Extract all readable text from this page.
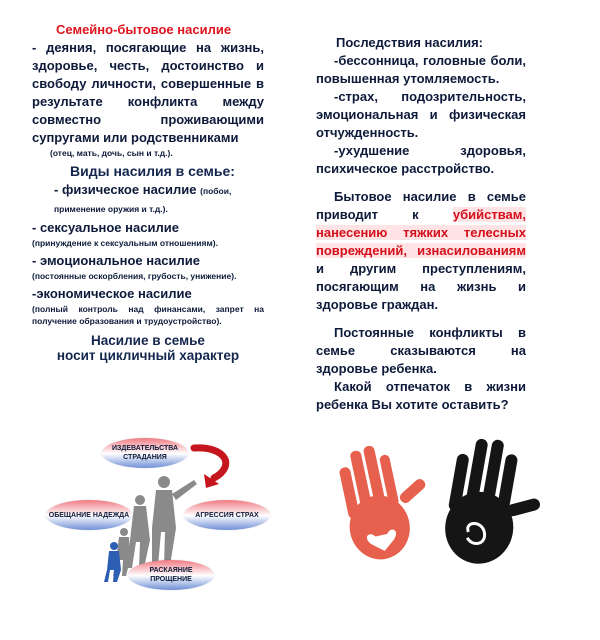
Семейно-бытовое насилие

- деяния, посягающие на жизнь, здоровье, честь, достоинство и свободу личности, совершенные в результате конфликта между совместно проживающими супругами или родственниками

(отец, мать, дочь, сын и т.д.).

Виды насилия в семье:
- физическое насилие (побои, применение оружия и т.д.).
- сексуальное насилие
(принуждение к сексуальным отношениям).
- эмоциональное насилие
(постоянные оскорбления, грубость, унижение).
-экономическое насилие
(полный контроль над финансами, запрет на получение образования и трудоустройство).
Насилие в семье
носит цикличный характер
ИЗДЕВАТЕЛЬСТВА СТРАДАНИЯ
ОБЕЩАНИЕ НАДЕЖДА	АГРЕССИЯ СТРАХ
РАСКАЯНИЕ ПРОЩЕНИЕ
Последствия насилия:

-бессонница, головные боли, повышенная утомляемость.

-страх, подозрительность, эмоциональная и физическая отчужденность.

-ухудшение здоровья, психическое расстройство.

Бытовое насилие в семье приводит к убийствам, нанесению тяжких телесных повреждений, изнасилованиям и другим преступлениям, посягающим на жизнь и здоровье граждан.

Постоянные конфликты в семье сказываются на здоровье ребенка.

Какой отпечаток в жизни ребенка Вы хотите оставить?
